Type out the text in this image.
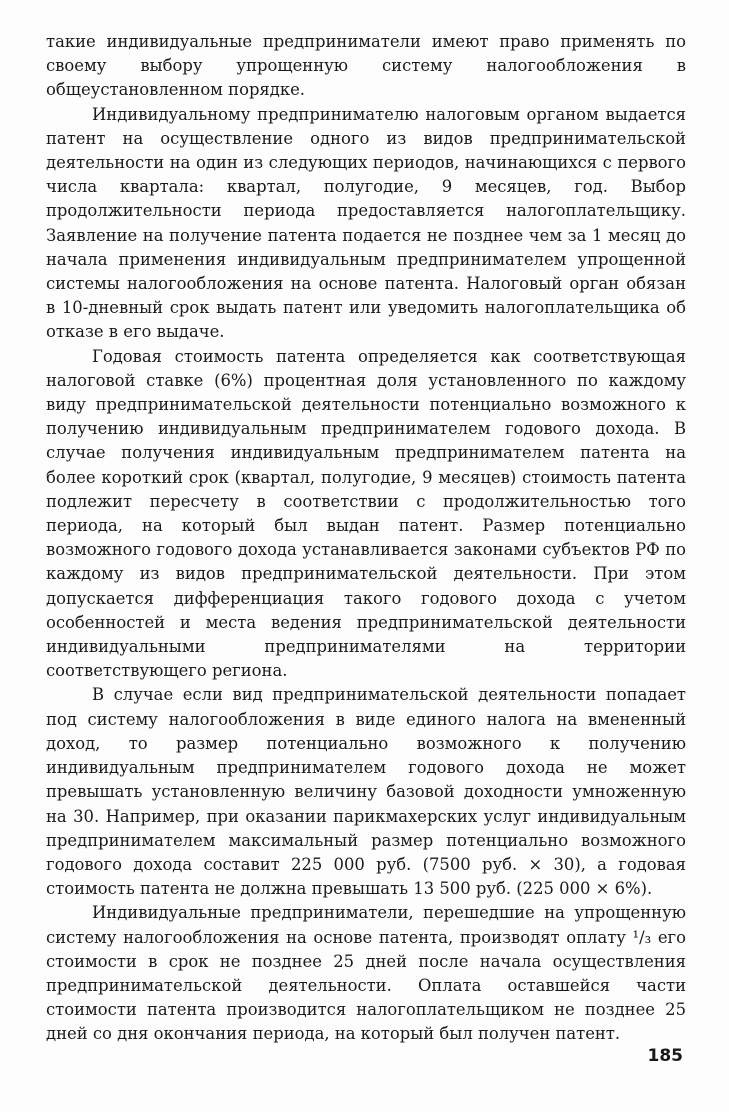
такие индивидуальные предприниматели имеют право применять по своему выбору упрощенную систему налогообложения в общеустановленном порядке.

Индивидуальному предпринимателю налоговым органом выдается патент на осуществление одного из видов предпринимательской деятельности на один из следующих периодов, начинающихся с первого числа квартала: квартал, полугодие, 9 месяцев, год. Выбор продолжительности периода предоставляется налогоплательщику. Заявление на получение патента подается не позднее чем за 1 месяц до начала применения индивидуальным предпринимателем упрощенной системы налогообложения на основе патента. Налоговый орган обязан в 10-дневный срок выдать патент или уведомить налогоплательщика об отказе в его выдаче.

Годовая стоимость патента определяется как соответствующая налоговой ставке (6%) процентная доля установленного по каждому виду предпринимательской деятельности потенциально возможного к получению индивидуальным предпринимателем годового дохода. В случае получения индивидуальным предпринимателем патента на более короткий срок (квартал, полугодие, 9 месяцев) стоимость патента подлежит пересчету в соответствии с продолжительностью того периода, на который был выдан патент. Размер потенциально возможного годового дохода устанавливается законами субъектов РФ по каждому из видов предпринимательской деятельности. При этом допускается дифференциация такого годового дохода с учетом особенностей и места ведения предпринимательской деятельности индивидуальными предпринимателями на территории соответствующего региона.

В случае если вид предпринимательской деятельности попадает под систему налогообложения в виде единого налога на вмененный доход, то размер потенциально возможного к получению индивидуальным предпринимателем годового дохода не может превышать установленную величину базовой доходности умноженную на 30. Например, при оказании парикмахерских услуг индивидуальным предпринимателем максимальный размер потенциально возможного годового дохода составит 225 000 руб. (7500 руб. × 30), а годовая стоимость патента не должна превышать 13 500 руб. (225 000 × 6%).

Индивидуальные предприниматели, перешедшие на упрощенную систему налогообложения на основе патента, производят оплату ¹/₃ его стоимости в срок не позднее 25 дней после начала осуществления предпринимательской деятельности. Оплата оставшейся части стоимости патента производится налогоплательщиком не позднее 25 дней со дня окончания периода, на который был получен патент.

185
